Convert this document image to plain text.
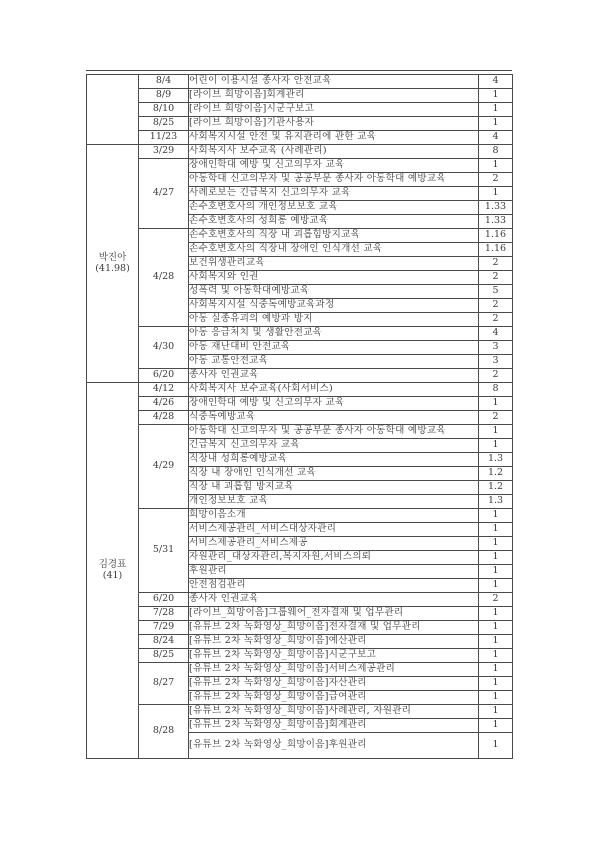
	8/4	어린이 이용시설 종사자 안전교육	4
	8/9	[라이브 희망이음]회계관리	1
	8/10	[라이브 희망이음]시군구보고	1
	8/25	[라이브 희망이음]기관사용자	1
	11/23	사회복지시설 안전 및 유지관리에 관한 교육	4

박진아
(41.98)	3/29	사회복지사 보수교육 (사례관리)	8
	4/27	장애인학대 예방 및 신고의무자 교육	1
		아동학대 신고의무자 및 공공부문 종사자 아동학대 예방교육	2
		사례로보는 긴급복지 신고의무자 교육	1
		손수호변호사의 개인정보보호 교육	1.33
		손수호변호사의 성희롱 예방교육	1.33
	4/28	손수호변호사의 직장 내 괴롭힘방지교육	1.16
		손수호변호사의 직장내 장애인 인식개선 교육	1.16
		보건위생관리교육	2
		사회복지와 인권	2
		성폭력 및 아동학대예방교육	5
		사회복지시설 식중독예방교육과정	2
		아동 실종유괴의 예방과 방지	2
	4/30	아동 응급처치 및 생활안전교육	4
		아동 재난대비 안전교육	3
		아동 교통안전교육	3
	6/20	종사자 인권교육	2

김경표
(41)	4/12	사회복지사 보수교육(사회서비스)	8
	4/26	장애인학대 예방 및 신고의무자 교육	1
	4/28	식중독예방교육	2
	4/29	아동학대 신고의무자 및 공공부문 종사자 아동학대 예방교육	1
		긴급복지 신고의무자 교육	1
		직장내 성희롱예방교육	1.3
		직장 내 장애인 인식개선 교육	1.2
		직장 내 괴롭힘 방지교육	1.2
		개인정보보호 교육	1.3
	5/31	희망이음소개	1
		서비스제공관리_서비스대상자관리	1
		서비스제공관리_서비스제공	1
		자원관리_대상자관리,복지자원,서비스의뢰	1
		후원관리	1
		안전점검관리	1
	6/20	종사자 인권교육	2
	7/28	[라이브_희망이음]그룹웨어_전자결재 및 업무관리	1
	7/29	[유튜브 2차 녹화영상_희망이음]전자결재 및 업무관리	1
	8/24	[유튜브 2차 녹화영상_희망이음]예산관리	1
	8/25	[유튜브 2차 녹화영상_희망이음]시군구보고	1
	8/27	[유튜브 2차 녹화영상_희망이음]서비스제공관리	1
		[유튜브 2차 녹화영상_희망이음]자산관리	1
		[유튜브 2차 녹화영상_희망이음]급여관리	1
	8/28	[유튜브 2차 녹화영상_희망이음]사례관리, 자원관리	1
		[유튜브 2차 녹화영상_희망이음]회계관리	1
		[유튜브 2차 녹화영상_희망이음]후원관리	1
